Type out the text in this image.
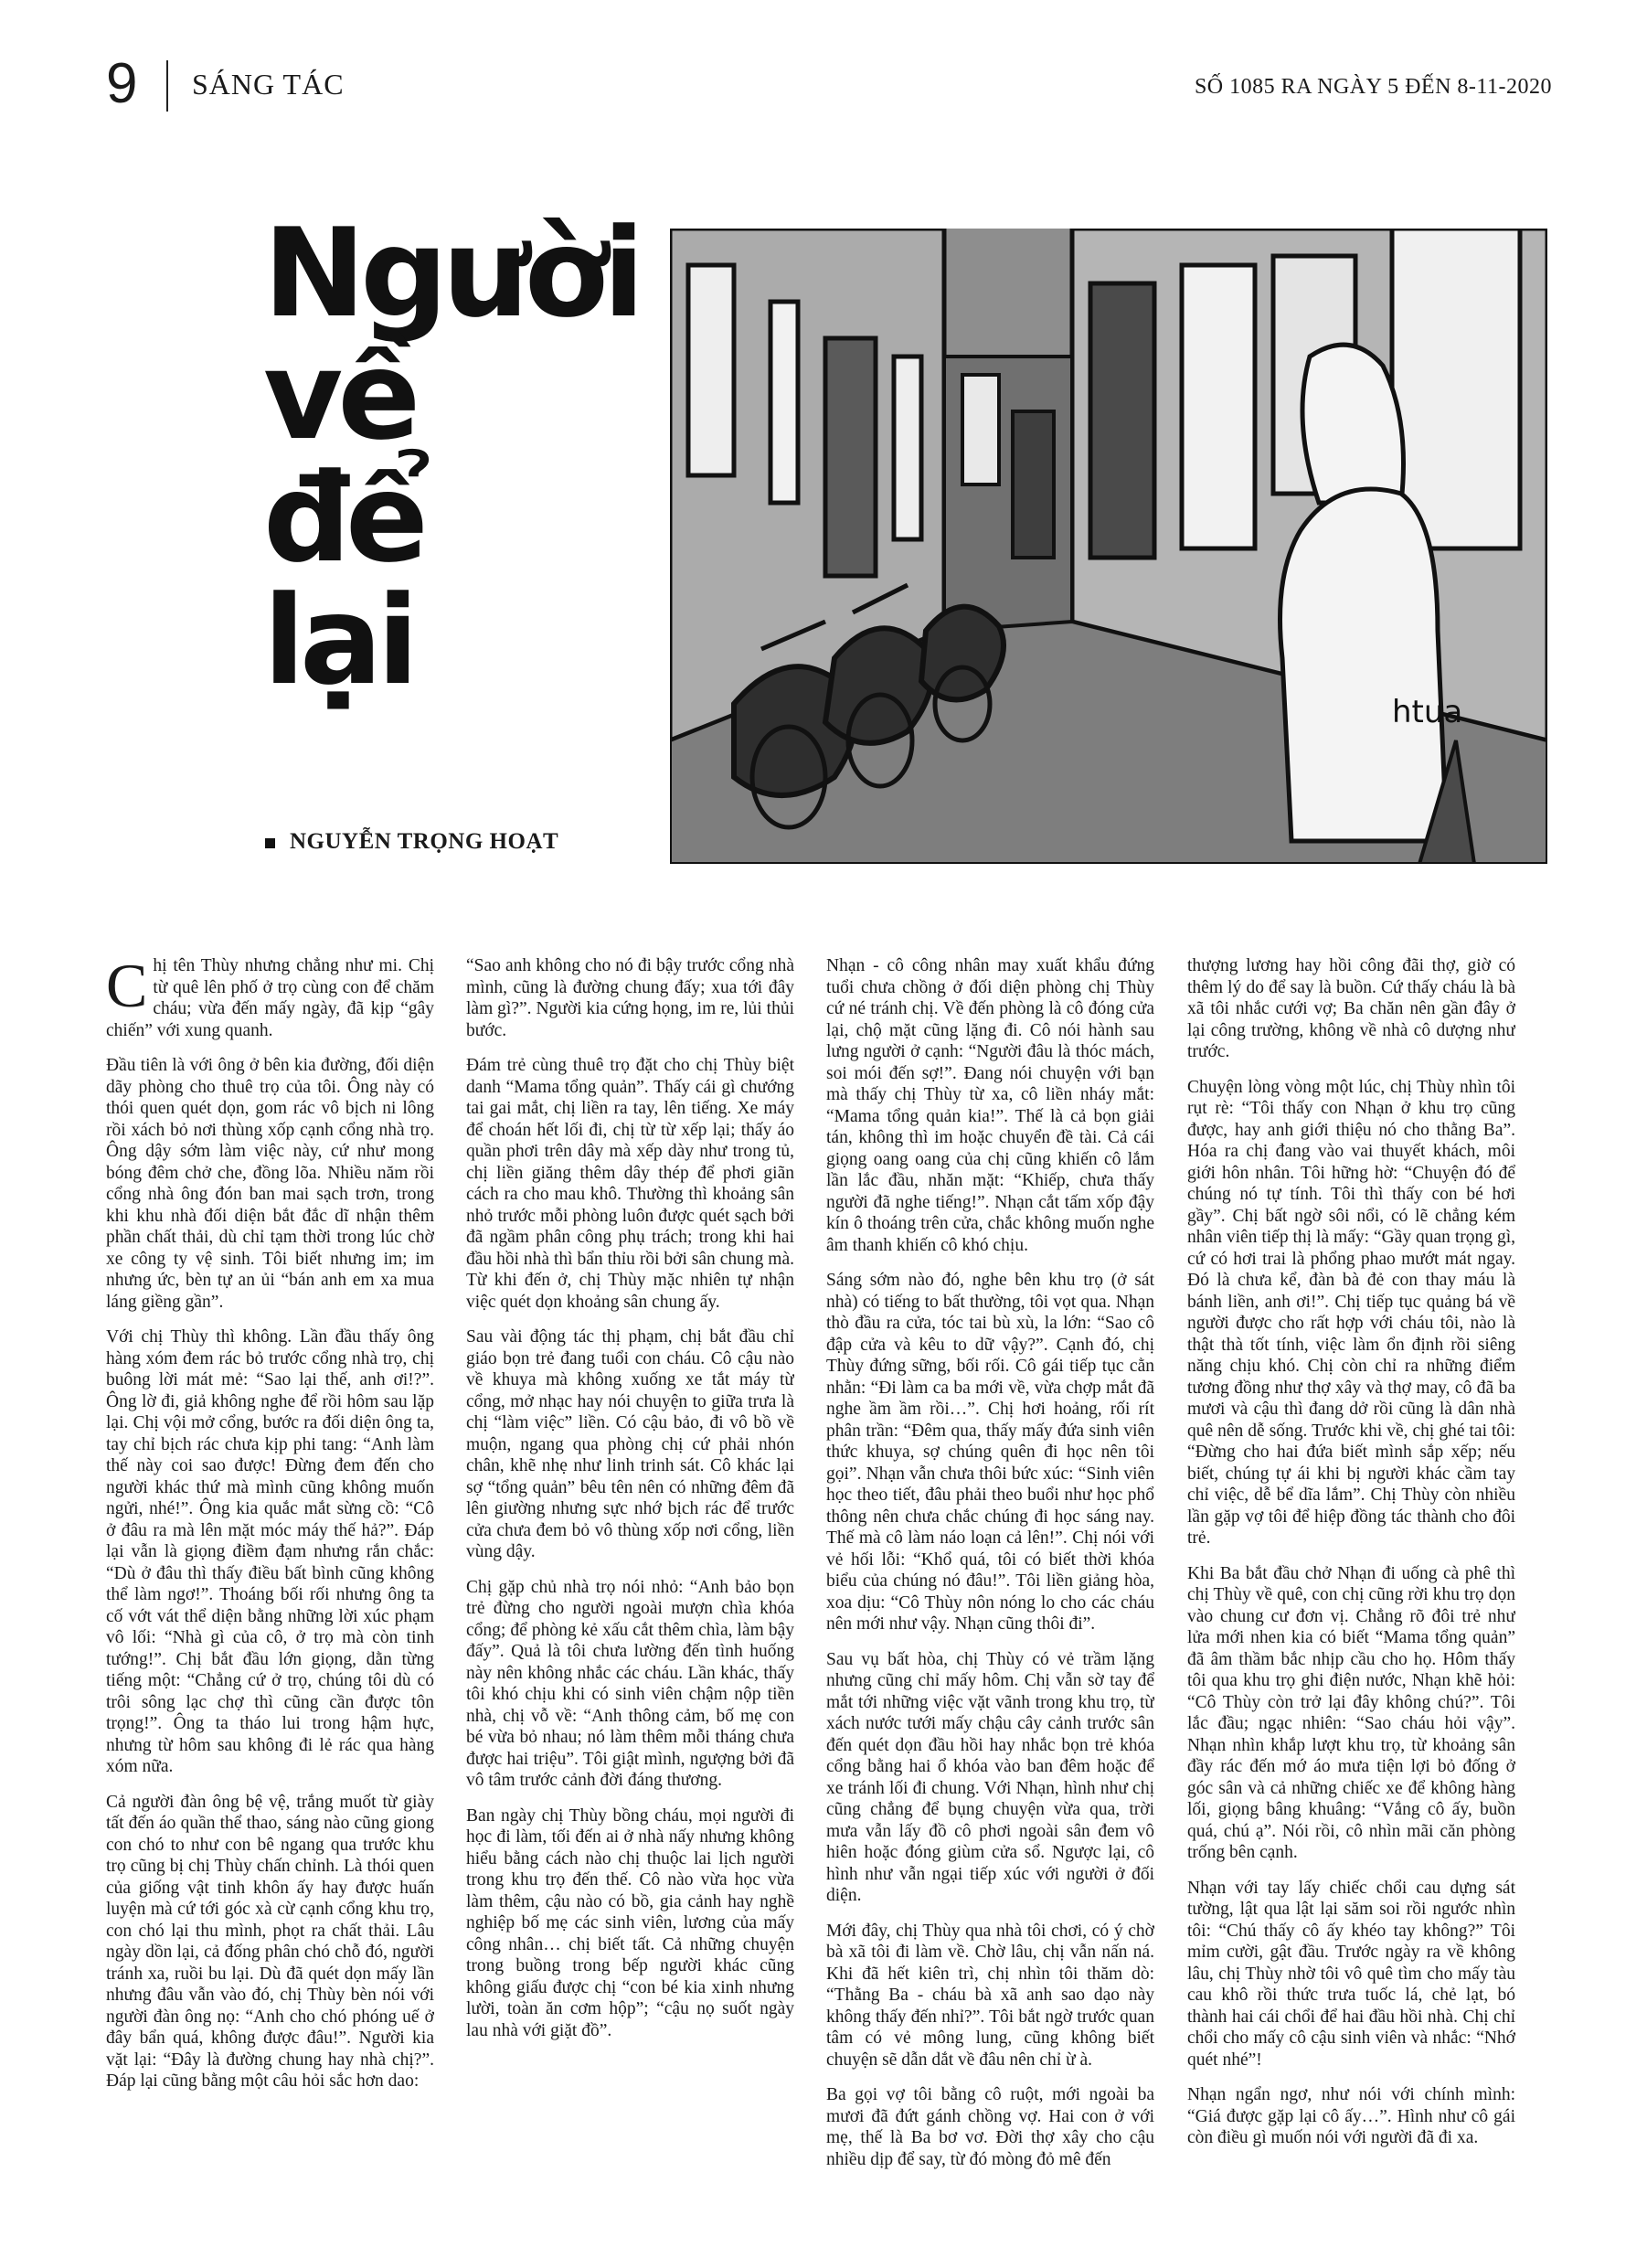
9 SÁNG TÁC	SỐ 1085 RA NGÀY 5 ĐẾN 8-11-2020
Người
về
để
lại
NGUYỄN TRỌNG HOẠT
htua

Chị tên Thùy nhưng chẳng như mi. Chị từ quê lên phố ở trọ cùng con để chăm cháu; vừa đến mấy ngày, đã kịp “gây chiến” với xung quanh.

Đầu tiên là với ông ở bên kia đường, đối diện dãy phòng cho thuê trọ của tôi. Ông này có thói quen quét dọn, gom rác vô bịch ni lông rồi xách bỏ nơi thùng xốp cạnh cổng nhà trọ. Ông dậy sớm làm việc này, cứ như mong bóng đêm chở che, đồng lõa. Nhiều năm rồi cổng nhà ông đón ban mai sạch trơn, trong khi khu nhà đối diện bắt đắc dĩ nhận thêm phần chất thải, dù chỉ tạm thời trong lúc chờ xe công ty vệ sinh. Tôi biết nhưng im; im nhưng ức, bèn tự an ủi “bán anh em xa mua láng giềng gần”.

Với chị Thùy thì không. Lần đầu thấy ông hàng xóm đem rác bỏ trước cổng nhà trọ, chị buông lời mát mẻ: “Sao lại thế, anh ơi!?”. Ông lờ đi, giả không nghe để rồi hôm sau lặp lại. Chị vội mở cổng, bước ra đối diện ông ta, tay chỉ bịch rác chưa kịp phi tang: “Anh làm thế này coi sao được! Đừng đem đến cho người khác thứ mà mình cũng không muốn ngửi, nhé!”. Ông kia quắc mắt sừng cồ: “Cô ở đâu ra mà lên mặt móc máy thế hả?”. Đáp lại vẫn là giọng điềm đạm nhưng rắn chắc: “Dù ở đâu thì thấy điều bất bình cũng không thể làm ngơ!”. Thoáng bối rối nhưng ông ta cố vớt vát thể diện bằng những lời xúc phạm vô lối: “Nhà gì của cô, ở trọ mà còn tinh tướng!”. Chị bắt đầu lớn giọng, dằn từng tiếng một: “Chẳng cứ ở trọ, chúng tôi dù có trôi sông lạc chợ thì cũng cần được tôn trọng!”. Ông ta tháo lui trong hậm hực, nhưng từ hôm sau không đi lẻ rác qua hàng xóm nữa.

Cả người đàn ông bệ vệ, trắng muốt từ giày tất đến áo quần thể thao, sáng nào cũng giong con chó to như con bê ngang qua trước khu trọ cũng bị chị Thùy chấn chỉnh. Là thói quen của giống vật tinh khôn ấy hay được huấn luyện mà cứ tới góc xà cừ cạnh cổng khu trọ, con chó lại thu mình, phọt ra chất thải. Lâu ngày dồn lại, cả đống phân chó chỗ đó, người tránh xa, ruồi bu lại. Dù đã quét dọn mấy lần nhưng đâu vẫn vào đó, chị Thùy bèn nói với người đàn ông nọ: “Anh cho chó phóng uế ở đây bẩn quá, không được đâu!”. Người kia vặt lại: “Đây là đường chung hay nhà chị?”. Đáp lại cũng bằng một câu hỏi sắc hơn dao:

“Sao anh không cho nó đi bậy trước cổng nhà mình, cũng là đường chung đấy; xua tới đây làm gì?”. Người kia cứng họng, im re, lủi thủi bước.

Đám trẻ cùng thuê trọ đặt cho chị Thùy biệt danh “Mama tổng quản”. Thấy cái gì chướng tai gai mắt, chị liền ra tay, lên tiếng. Xe máy để choán hết lối đi, chị từ từ xếp lại; thấy áo quần phơi trên dây mà xếp dày như trong tủ, chị liền giăng thêm dây thép để phơi giãn cách ra cho mau khô. Thường thì khoảng sân nhỏ trước mỗi phòng luôn được quét sạch bởi đã ngầm phân công phụ trách; trong khi hai đầu hồi nhà thì bẩn thỉu rồi bởi sân chung mà. Từ khi đến ở, chị Thùy mặc nhiên tự nhận việc quét dọn khoảng sân chung ấy.

Sau vài động tác thị phạm, chị bắt đầu chỉ giáo bọn trẻ đang tuổi con cháu. Cô cậu nào về khuya mà không xuống xe tắt máy từ cổng, mở nhạc hay nói chuyện to giữa trưa là chị “làm việc” liền. Có cậu bảo, đi vô bồ về muộn, ngang qua phòng chị cứ phải nhón chân, khẽ nhẹ như linh trinh sát. Cô khác lại sợ “tổng quản” bêu tên nên có những đêm đã lên giường nhưng sực nhớ bịch rác để trước cửa chưa đem bỏ vô thùng xốp nơi cổng, liền vùng dậy.

Chị gặp chủ nhà trọ nói nhỏ: “Anh bảo bọn trẻ đừng cho người ngoài mượn chìa khóa cổng; để phòng kẻ xấu cắt thêm chìa, làm bậy đấy”. Quả là tôi chưa lường đến tình huống này nên không nhắc các cháu. Lần khác, thấy tôi khó chịu khi có sinh viên chậm nộp tiền nhà, chị vỗ về: “Anh thông cảm, bố mẹ con bé vừa bỏ nhau; nó làm thêm mỗi tháng chưa được hai triệu”. Tôi giật mình, ngượng bởi đã vô tâm trước cảnh đời đáng thương.

Ban ngày chị Thùy bồng cháu, mọi người đi học đi làm, tối đến ai ở nhà nấy nhưng không hiểu bằng cách nào chị thuộc lai lịch người trong khu trọ đến thế. Cô nào vừa học vừa làm thêm, cậu nào có bồ, gia cảnh hay nghề nghiệp bố mẹ các sinh viên, lương của mấy công nhân… chị biết tất. Cả những chuyện trong buồng trong bếp người khác cũng không giấu được chị “con bé kia xinh nhưng lười, toàn ăn cơm hộp”; “cậu nọ suốt ngày lau nhà với giặt đồ”.

Nhạn - cô công nhân may xuất khẩu đứng tuổi chưa chồng ở đối diện phòng chị Thùy cứ né tránh chị. Về đến phòng là cô đóng cửa lại, chộ mặt cũng lặng đi. Cô nói hành sau lưng người ở cạnh: “Người đâu là thóc mách, soi mói đến sợ!”. Đang nói chuyện với bạn mà thấy chị Thùy từ xa, cô liền nháy mắt: “Mama tổng quản kia!”. Thế là cả bọn giải tán, không thì im hoặc chuyển đề tài. Cả cái giọng oang oang của chị cũng khiến cô lắm lần lắc đầu, nhăn mặt: “Khiếp, chưa thấy người đã nghe tiếng!”. Nhạn cắt tấm xốp đậy kín ô thoáng trên cửa, chắc không muốn nghe âm thanh khiến cô khó chịu.

Sáng sớm nào đó, nghe bên khu trọ (ở sát nhà) có tiếng to bất thường, tôi vọt qua. Nhạn thò đầu ra cửa, tóc tai bù xù, la lớn: “Sao cô đập cửa và kêu to dữ vậy?”. Cạnh đó, chị Thùy đứng sững, bối rối. Cô gái tiếp tục cằn nhằn: “Đi làm ca ba mới về, vừa chợp mắt đã nghe ầm ầm rồi…”. Chị hơi hoảng, rối rít phân trần: “Đêm qua, thấy mấy đứa sinh viên thức khuya, sợ chúng quên đi học nên tôi gọi”. Nhạn vẫn chưa thôi bức xúc: “Sinh viên học theo tiết, đâu phải theo buổi như học phổ thông nên chưa chắc chúng đi học sáng nay. Thế mà cô làm náo loạn cả lên!”. Chị nói với vẻ hối lỗi: “Khổ quá, tôi có biết thời khóa biểu của chúng nó đâu!”. Tôi liền giảng hòa, xoa dịu: “Cô Thùy nôn nóng lo cho các cháu nên mới như vậy. Nhạn cũng thôi đi”.

Sau vụ bất hòa, chị Thùy có vẻ trầm lặng nhưng cũng chỉ mấy hôm. Chị vẫn sờ tay để mắt tới những việc vặt vãnh trong khu trọ, từ xách nước tưới mấy chậu cây cảnh trước sân đến quét dọn đầu hồi hay nhắc bọn trẻ khóa cổng bằng hai ổ khóa vào ban đêm hoặc để xe tránh lối đi chung. Với Nhạn, hình như chị cũng chẳng để bụng chuyện vừa qua, trời mưa vẫn lấy đồ cô phơi ngoài sân đem vô hiên hoặc đóng giùm cửa sổ. Ngược lại, cô hình như vẫn ngại tiếp xúc với người ở đối diện.

Mới đây, chị Thùy qua nhà tôi chơi, có ý chờ bà xã tôi đi làm về. Chờ lâu, chị vẫn nấn ná. Khi đã hết kiên trì, chị nhìn tôi thăm dò: “Thằng Ba - cháu bà xã anh sao dạo này không thấy đến nhỉ?”. Tôi bắt ngờ trước quan tâm có vẻ mông lung, cũng không biết chuyện sẽ dẫn dắt về đâu nên chỉ ừ à.

Ba gọi vợ tôi bằng cô ruột, mới ngoài ba mươi đã đứt gánh chồng vợ. Hai con ở với mẹ, thế là Ba bơ vơ. Đời thợ xây cho cậu nhiều dịp để say, từ đó mòng đỏ mê đến

thượng lương hay hồi công đãi thợ, giờ có thêm lý do để say là buồn. Cứ thấy cháu là bà xã tôi nhắc cưới vợ; Ba chăn nên gần đây ở lại công trường, không về nhà cô dượng như trước.

Chuyện lòng vòng một lúc, chị Thùy nhìn tôi rụt rè: “Tôi thấy con Nhạn ở khu trọ cũng được, hay anh giới thiệu nó cho thằng Ba”. Hóa ra chị đang vào vai thuyết khách, môi giới hôn nhân. Tôi hững hờ: “Chuyện đó để chúng nó tự tính. Tôi thì thấy con bé hơi gầy”. Chị bất ngờ sôi nổi, có lẽ chẳng kém nhân viên tiếp thị là mấy: “Gầy quan trọng gì, cứ có hơi trai là phổng phao mướt mát ngay. Đó là chưa kể, đàn bà đẻ con thay máu là bánh liền, anh ơi!”. Chị tiếp tục quảng bá về người được cho rất hợp với cháu tôi, nào là thật thà tốt tính, việc làm ổn định rồi siêng năng chịu khó. Chị còn chỉ ra những điểm tương đồng như thợ xây và thợ may, cô đã ba mươi và cậu thì đang dở rồi cũng là dân nhà quê nên dễ sống. Trước khi về, chị ghé tai tôi: “Đừng cho hai đứa biết mình sắp xếp; nếu biết, chúng tự ái khi bị người khác cầm tay chỉ việc, dễ bể dĩa lắm”. Chị Thùy còn nhiều lần gặp vợ tôi để hiệp đồng tác thành cho đôi trẻ.

Khi Ba bắt đầu chở Nhạn đi uống cà phê thì chị Thùy về quê, con chị cũng rời khu trọ dọn vào chung cư đơn vị. Chẳng rõ đôi trẻ như lửa mới nhen kia có biết “Mama tổng quản” đã âm thầm bắc nhịp cầu cho họ. Hôm thấy tôi qua khu trọ ghi điện nước, Nhạn khẽ hỏi: “Cô Thùy còn trở lại đây không chú?”. Tôi lắc đầu; ngạc nhiên: “Sao cháu hỏi vậy”. Nhạn nhìn khắp lượt khu trọ, từ khoảng sân đầy rác đến mớ áo mưa tiện lợi bỏ đống ở góc sân và cả những chiếc xe để không hàng lối, giọng bâng khuâng: “Vắng cô ấy, buồn quá, chú ạ”. Nói rồi, cô nhìn mãi căn phòng trống bên cạnh.

Nhạn với tay lấy chiếc chổi cau dựng sát tường, lật qua lật lại săm soi rồi ngước nhìn tôi: “Chú thấy cô ấy khéo tay không?” Tôi mỉm cười, gật đầu. Trước ngày ra về không lâu, chị Thùy nhờ tôi vô quê tìm cho mấy tàu cau khô rồi thức trưa tuốc lá, chẻ lạt, bó thành hai cái chổi để hai đầu hồi nhà. Chị chỉ chổi cho mấy cô cậu sinh viên và nhắc: “Nhớ quét nhé”!

Nhạn ngẩn ngơ, như nói với chính mình: “Giá được gặp lại cô ấy…”. Hình như cô gái còn điều gì muốn nói với người đã đi xa.
